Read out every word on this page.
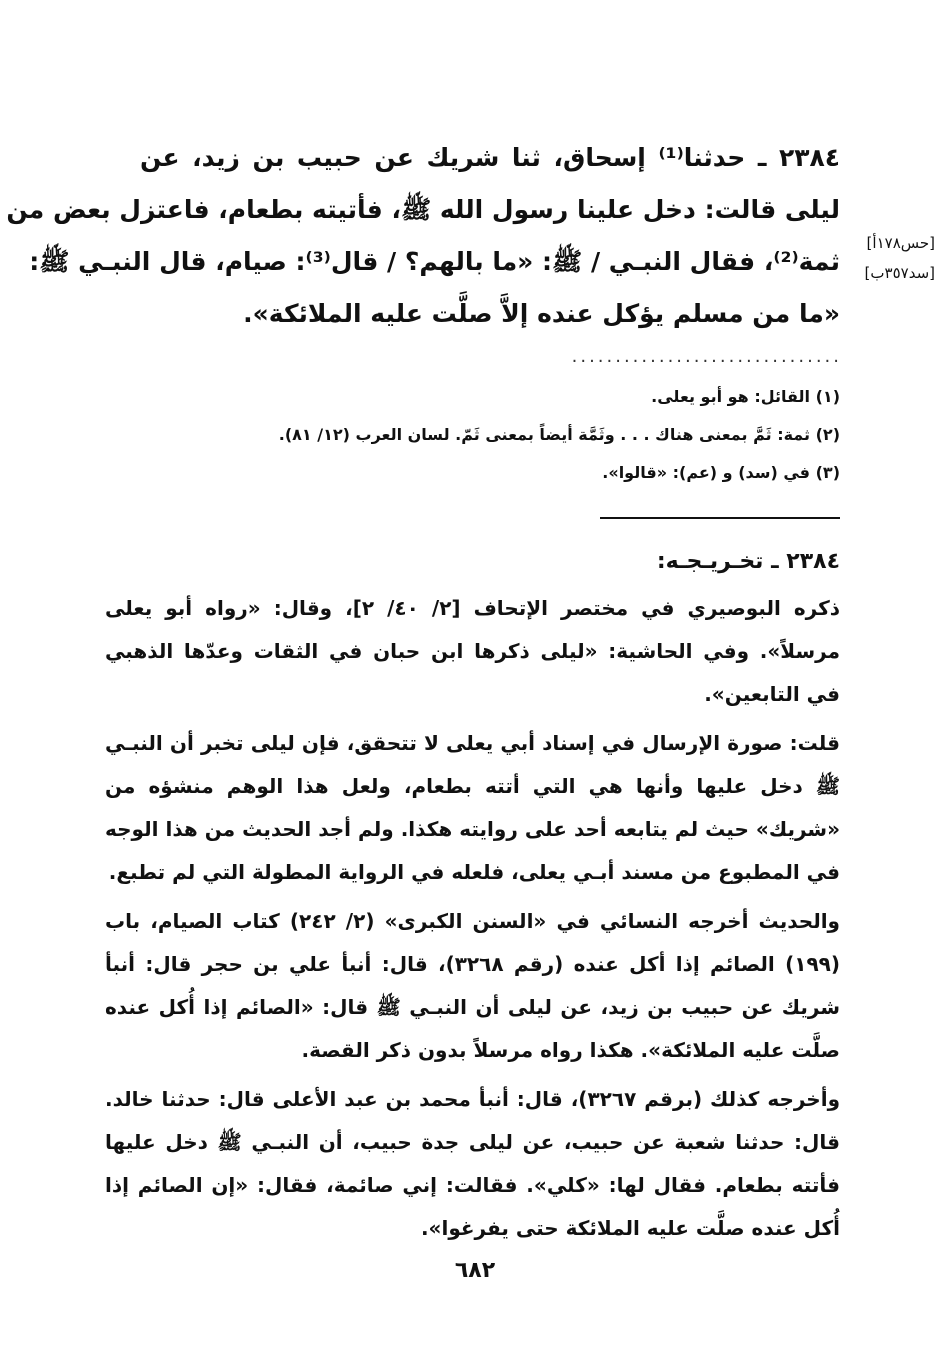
٢٣٨٤ ـ حدثنا⁽¹⁾ إسحاق، ثنا شريك عن حبيب بن زيد، عن
ليلى قالت: دخل علينا رسول الله ﷺ، فأتيته بطعام، فاعتزل بعض من
ثمة⁽²⁾، فقال النبـي / ﷺ: «ما بالهم؟ / قال⁽³⁾: صيام، قال النبـي ﷺ:
«ما من مسلم يؤكل عنده إلاَّ صلَّت عليه الملائكة».
[حس١٧٨أ]
[سد٣٥٧ب]
...............................

(١) القائل: هو أبو يعلى.

(٢) ثمة: ثَمَّ بمعنى هناك . . . وثَمَّة أيضاً بمعنى ثَمّ. لسان العرب (١٢/ ٨١).

(٣) في (سد) و (عم): «قالوا».

٢٣٨٤ ـ تخـريـجـه:

ذكره البوصيري في مختصر الإتحاف [٢/ ٤٠/ ٢]، وقال: «رواه أبو يعلى مرسلاً». وفي الحاشية: «ليلى ذكرها ابن حبان في الثقات وعدّها الذهبي في التابعين».

قلت: صورة الإرسال في إسناد أبي يعلى لا تتحقق، فإن ليلى تخبر أن النبـي ﷺ دخل عليها وأنها هي التي أتته بطعام، ولعل هذا الوهم منشؤه من «شريك» حيث لم يتابعه أحد على روايته هكذا. ولم أجد الحديث من هذا الوجه في المطبوع من مسند أبـي يعلى، فلعله في الرواية المطولة التي لم تطبع.

والحديث أخرجه النسائي في «السنن الكبرى» (٢/ ٢٤٢) كتاب الصيام، باب (١٩٩) الصائم إذا أكل عنده (رقم ٣٢٦٨)، قال: أنبأ علي بن حجر قال: أنبأ شريك عن حبيب بن زيد، عن ليلى أن النبـي ﷺ قال: «الصائم إذا أُكل عنده صلَّت عليه الملائكة». هكذا رواه مرسلاً بدون ذكر القصة.

وأخرجه كذلك (برقم ٣٢٦٧)، قال: أنبأ محمد بن عبد الأعلى قال: حدثنا خالد. قال: حدثنا شعبة عن حبيب، عن ليلى جدة حبيب، أن النبـي ﷺ دخل عليها فأتته بطعام. فقال لها: «كلي». فقالت: إني صائمة، فقال: «إن الصائم إذا أُكل عنده صلَّت عليه الملائكة حتى يفرغوا».

٦٨٢
